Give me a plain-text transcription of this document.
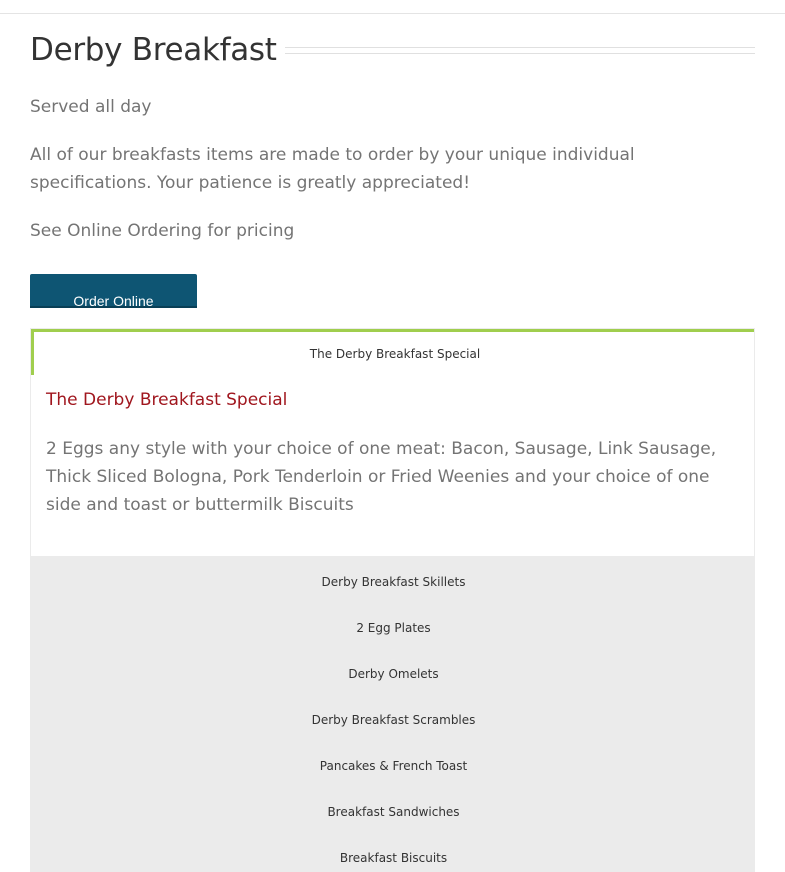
Derby Breakfast

Served all day

All of our breakfasts items are made to order by your unique individual specifications. Your patience is greatly appreciated!

See Online Ordering for pricing

Order Online
The Derby Breakfast Special
The Derby Breakfast Special

2 Eggs any style with your choice of one meat: Bacon, Sausage, Link Sausage, Thick Sliced Bologna, Pork Tenderloin or Fried Weenies and your choice of one side and toast or buttermilk Biscuits

Derby Breakfast Skillets
2 Egg Plates
Derby Omelets
Derby Breakfast Scrambles
Pancakes & French Toast
Breakfast Sandwiches
Breakfast Biscuits
